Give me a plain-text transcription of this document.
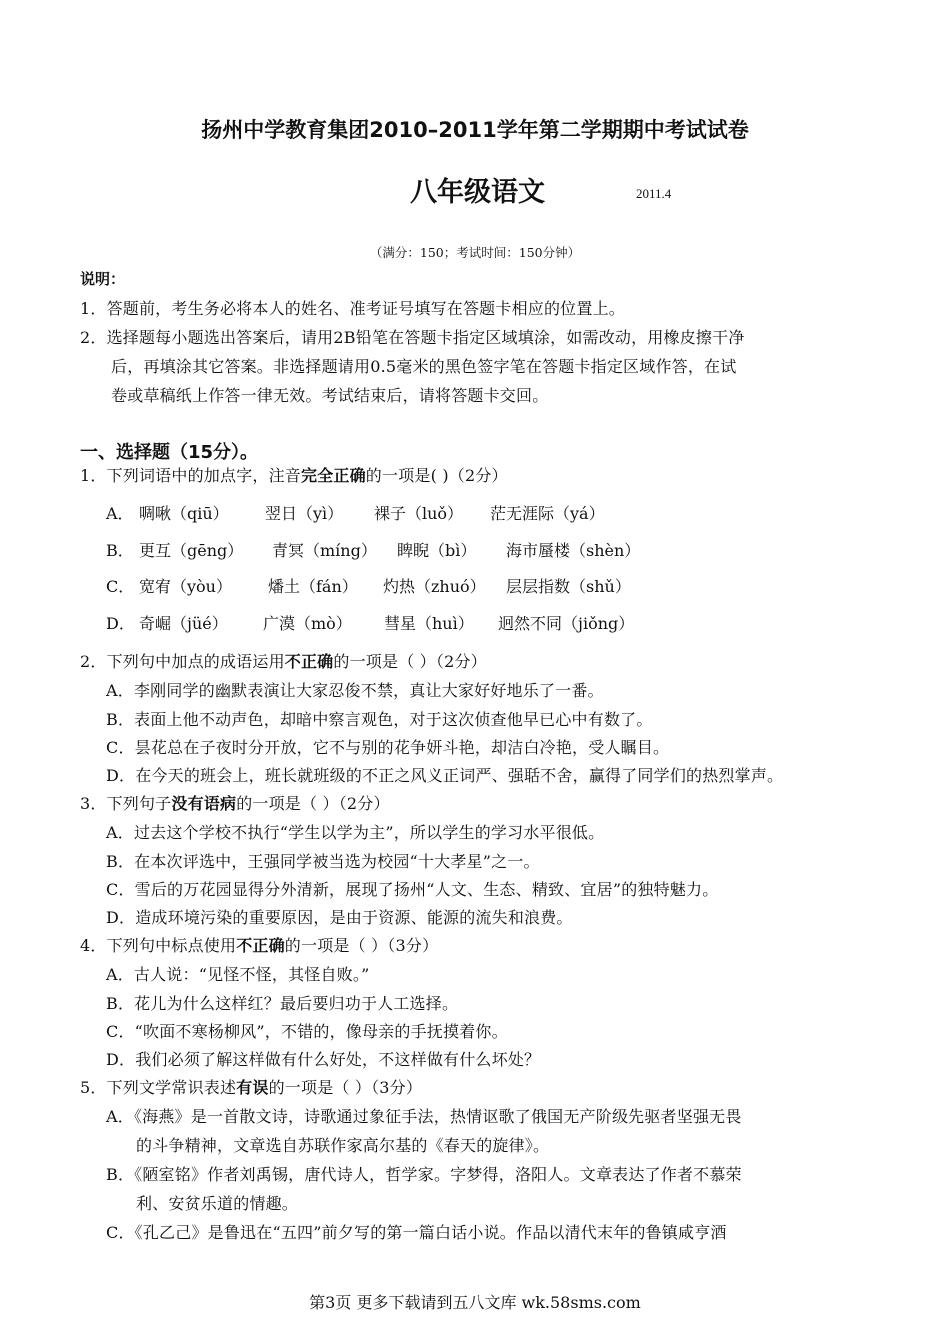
扬州中学教育集团2010–2011学年第二学期期中考试试卷
八年级语文	2011.4
（满分：150；考试时间：150分钟）
说明：
1．答题前，考生务必将本人的姓名、准考证号填写在答题卡相应的位置上。
2．选择题每小题选出答案后，请用2B铅笔在答题卡指定区域填涂，如需改动，用橡皮擦干净
后，再填涂其它答案。非选择题请用0.5毫米的黑色签字笔在答题卡指定区域作答，在试
卷或草稿纸上作答一律无效。考试结束后，请将答题卡交回。
一、选择题（15分）。
1．下列词语中的加点字，注音完全正确的一项是( )（2分）
A． 啁啾（qiū） 翌日（yì） 裸子（luǒ） 茫无涯际（yá）
B． 更互（gēng） 青冥（míng） 睥睨（bì） 海市蜃楼（shèn）
C． 宽宥（yòu） 燔土（fán） 灼热（zhuó） 层层指数（shǔ）
D． 奇崛（jüé） 广漠（mò） 彗星（huì） 迥然不同（jiǒng）
2．下列句中加点的成语运用不正确的一项是（ ）（2分）
A．李刚同学的幽默表演让大家忍俊不禁，真让大家好好地乐了一番。
B．表面上他不动声色，却暗中察言观色，对于这次侦查他早已心中有数了。
C．昙花总在子夜时分开放，它不与别的花争妍斗艳，却洁白冷艳，受人瞩目。
D．在今天的班会上，班长就班级的不正之风义正词严、强聒不舍，赢得了同学们的热烈掌声。
3．下列句子没有语病的一项是（ ）（2分）
A．过去这个学校不执行“学生以学为主”，所以学生的学习水平很低。
B．在本次评选中，王强同学被当选为校园“十大孝星”之一。
C．雪后的万花园显得分外清新，展现了扬州“人文、生态、精致、宜居”的独特魅力。
D．造成环境污染的重要原因，是由于资源、能源的流失和浪费。
4．下列句中标点使用不正确的一项是（ ）（3分）
A．古人说：“见怪不怪，其怪自败。”
B．花儿为什么这样红？最后要归功于人工选择。
C．“吹面不寒杨柳风”，不错的，像母亲的手抚摸着你。
D．我们必须了解这样做有什么好处，不这样做有什么坏处？
5．下列文学常识表述有误的一项是（ ）（3分）
A．《海燕》是一首散文诗，诗歌通过象征手法，热情讴歌了俄国无产阶级先驱者坚强无畏
的斗争精神，文章选自苏联作家高尔基的《春天的旋律》。
B．《陋室铭》作者刘禹锡，唐代诗人，哲学家。字梦得，洛阳人。文章表达了作者不慕荣
利、安贫乐道的情趣。
C．《孔乙己》是鲁迅在“五四”前夕写的第一篇白话小说。作品以清代末年的鲁镇咸亨酒
第3页 更多下载请到五八文库 wk.58sms.com
